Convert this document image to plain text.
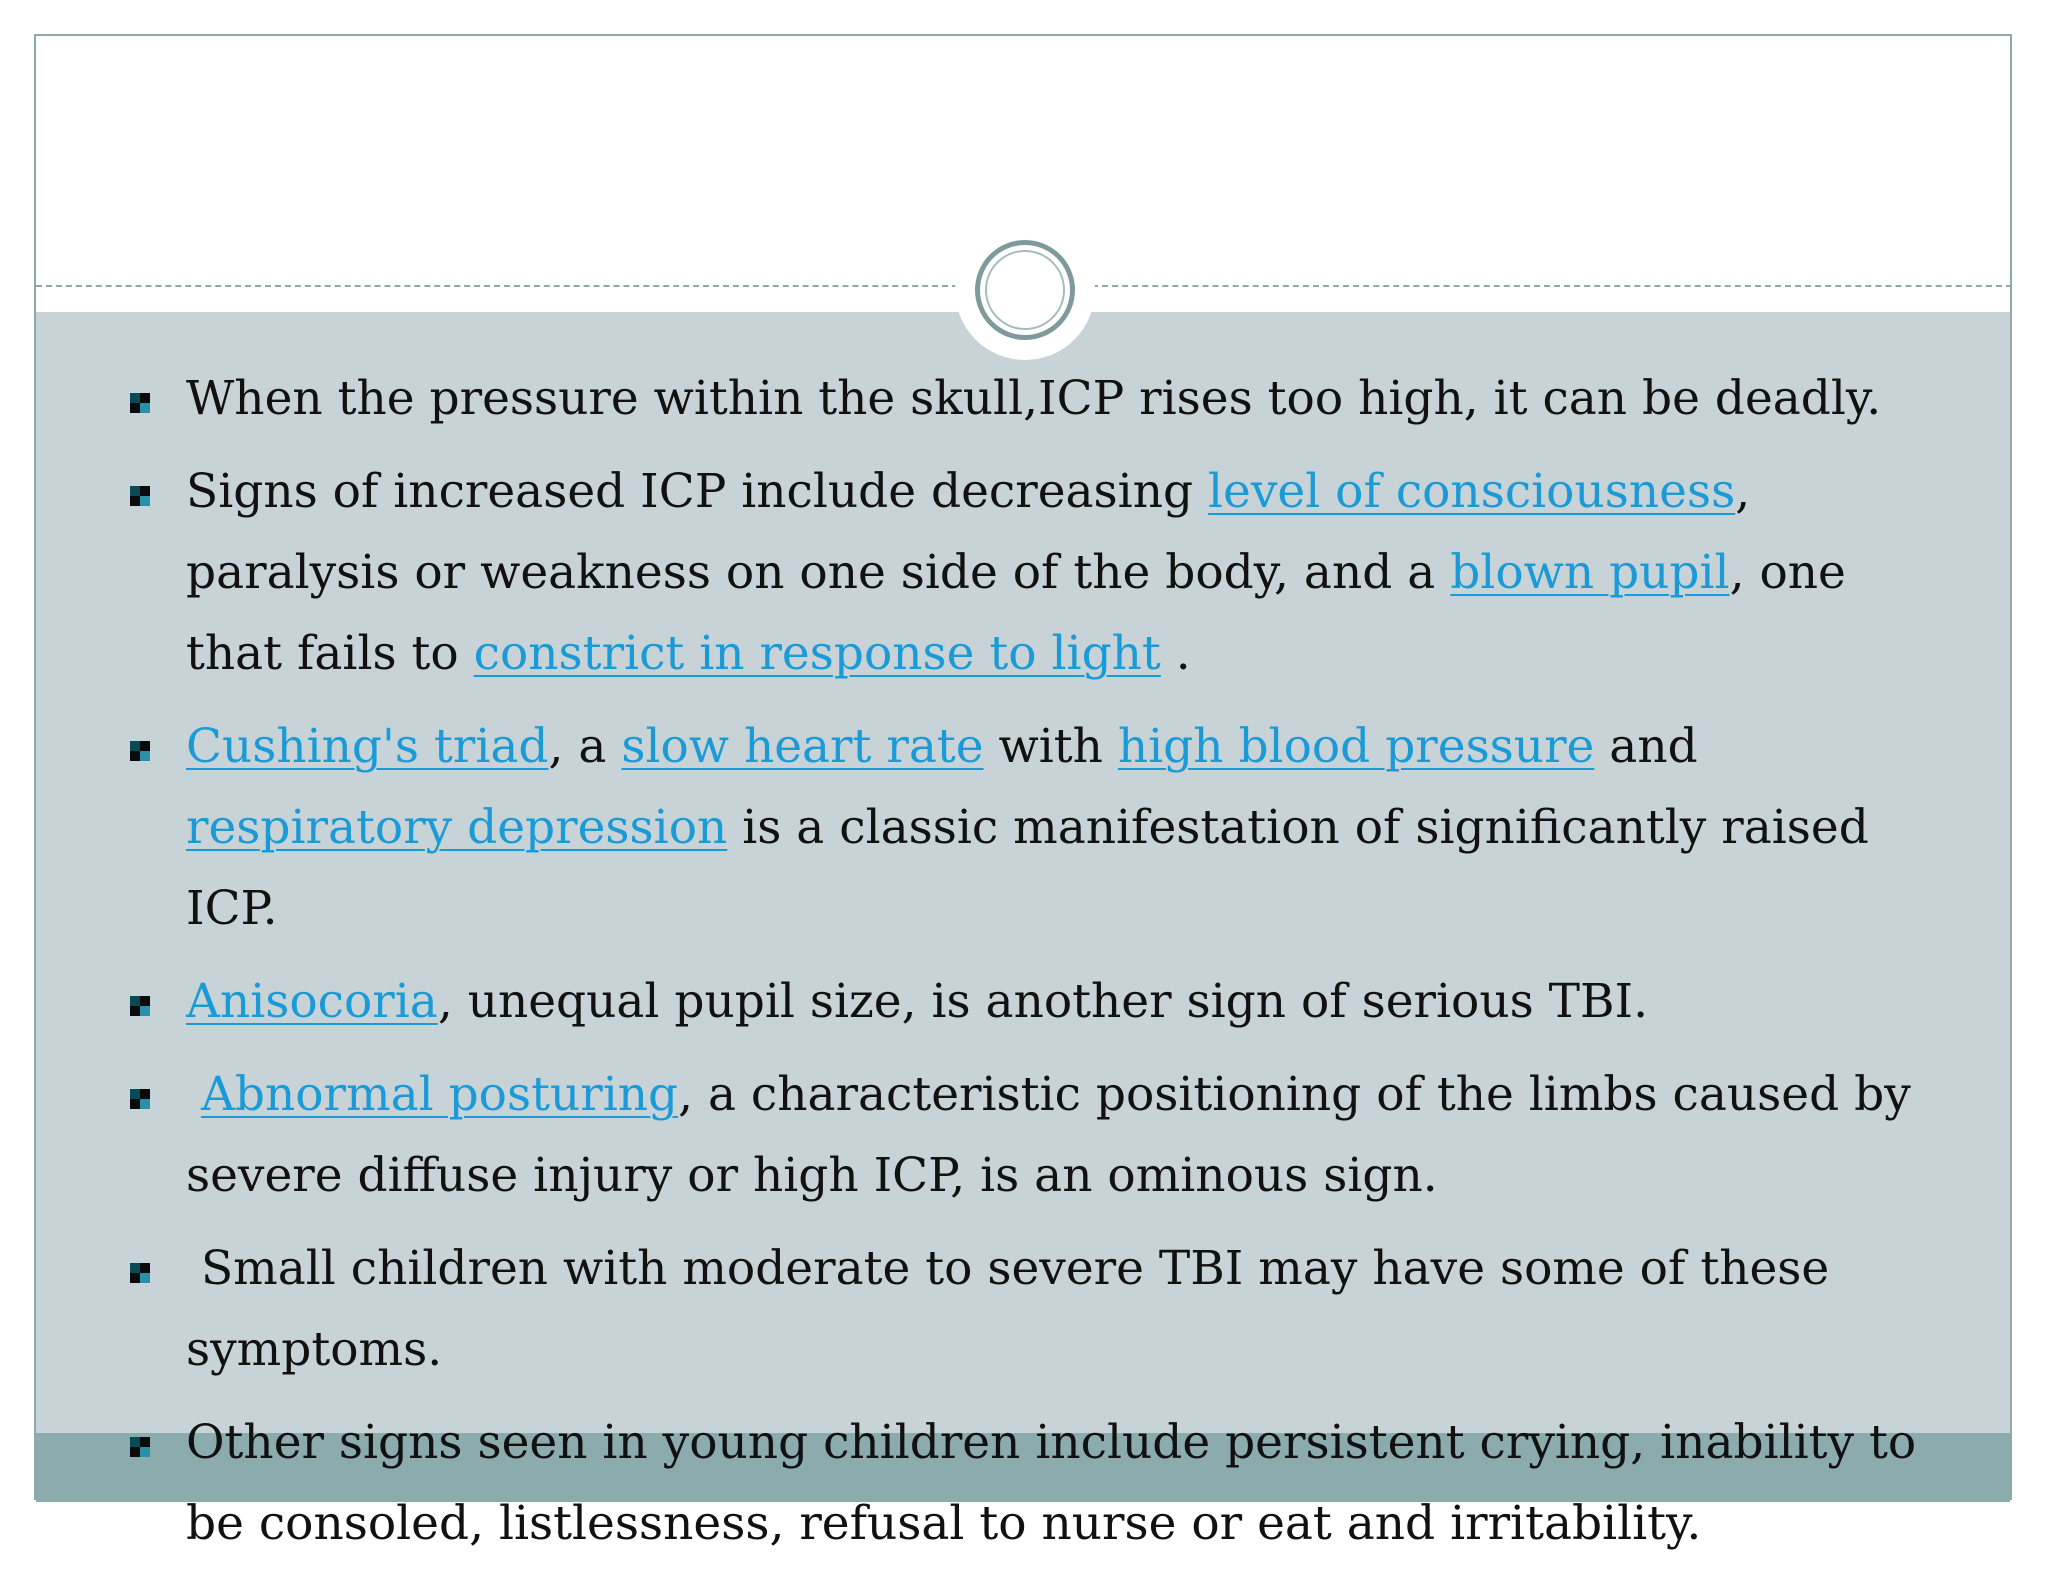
When the pressure within the skull,ICP rises too high, it can be deadly.
Signs of increased ICP include decreasing level of consciousness, paralysis or weakness on one side of the body, and a blown pupil, one that fails to constrict in response to light .
Cushing's triad, a slow heart rate with high blood pressure and respiratory depression is a classic manifestation of significantly raised ICP.
Anisocoria, unequal pupil size, is another sign of serious TBI.
Abnormal posturing, a characteristic positioning of the limbs caused by severe diffuse injury or high ICP, is an ominous sign.
Small children with moderate to severe TBI may have some of these symptoms.
Other signs seen in young children include persistent crying, inability to be consoled, listlessness, refusal to nurse or eat and irritability.
